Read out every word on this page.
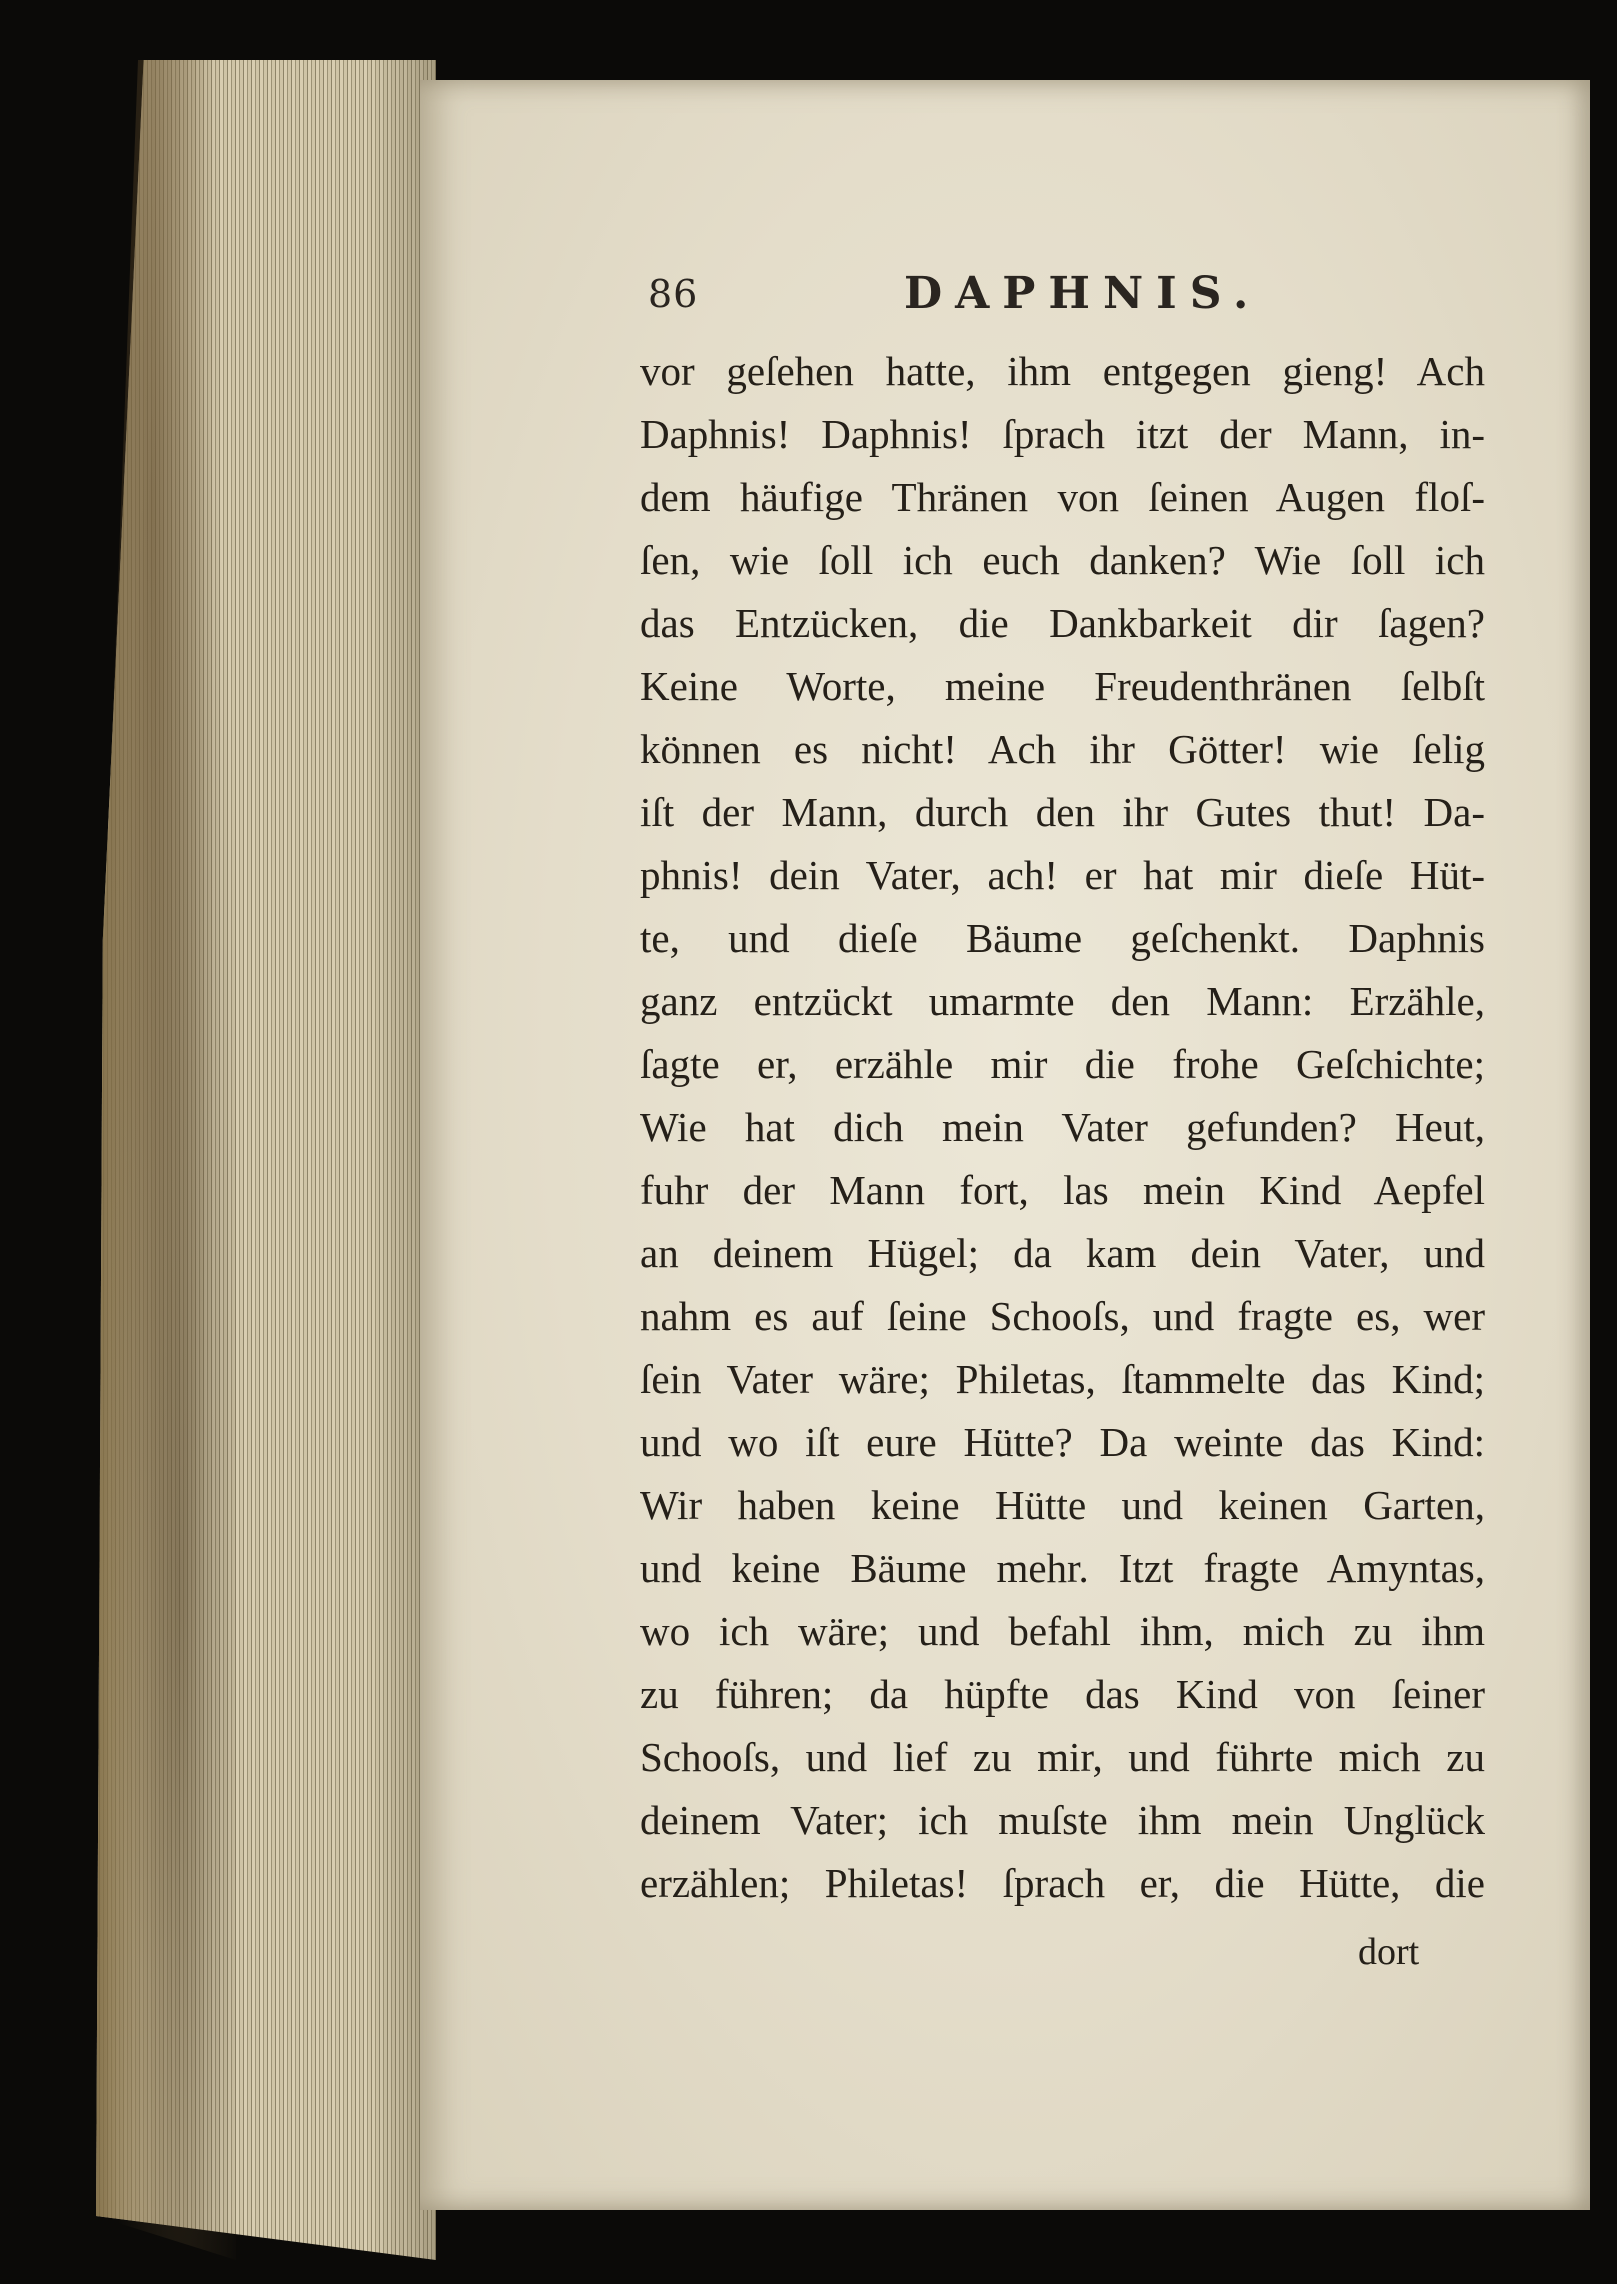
86	DAPHNIS.
vor geſehen hatte, ihm entgegen gieng! Ach
Daphnis! Daphnis! ſprach itzt der Mann, in-
dem häufige Thränen von ſeinen Augen floſ-
ſen, wie ſoll ich euch danken? Wie ſoll ich
das Entzücken, die Dankbarkeit dir ſagen?
Keine Worte, meine Freudenthränen ſelbſt
können es nicht! Ach ihr Götter! wie ſelig
iſt der Mann, durch den ihr Gutes thut! Da-
phnis! dein Vater, ach! er hat mir dieſe Hüt-
te, und dieſe Bäume geſchenkt. Daphnis
ganz entzückt umarmte den Mann: Erzähle,
ſagte er, erzähle mir die frohe Geſchichte;
Wie hat dich mein Vater gefunden? Heut,
fuhr der Mann fort, las mein Kind Aepfel
an deinem Hügel; da kam dein Vater, und
nahm es auf ſeine Schooſs, und fragte es, wer
ſein Vater wäre; Philetas, ſtammelte das Kind;
und wo iſt eure Hütte? Da weinte das Kind:
Wir haben keine Hütte und keinen Garten,
und keine Bäume mehr. Itzt fragte Amyntas,
wo ich wäre; und befahl ihm, mich zu ihm
zu führen; da hüpfte das Kind von ſeiner
Schooſs, und lief zu mir, und führte mich zu
deinem Vater; ich muſste ihm mein Unglück
erzählen; Philetas! ſprach er, die Hütte, die
dort
